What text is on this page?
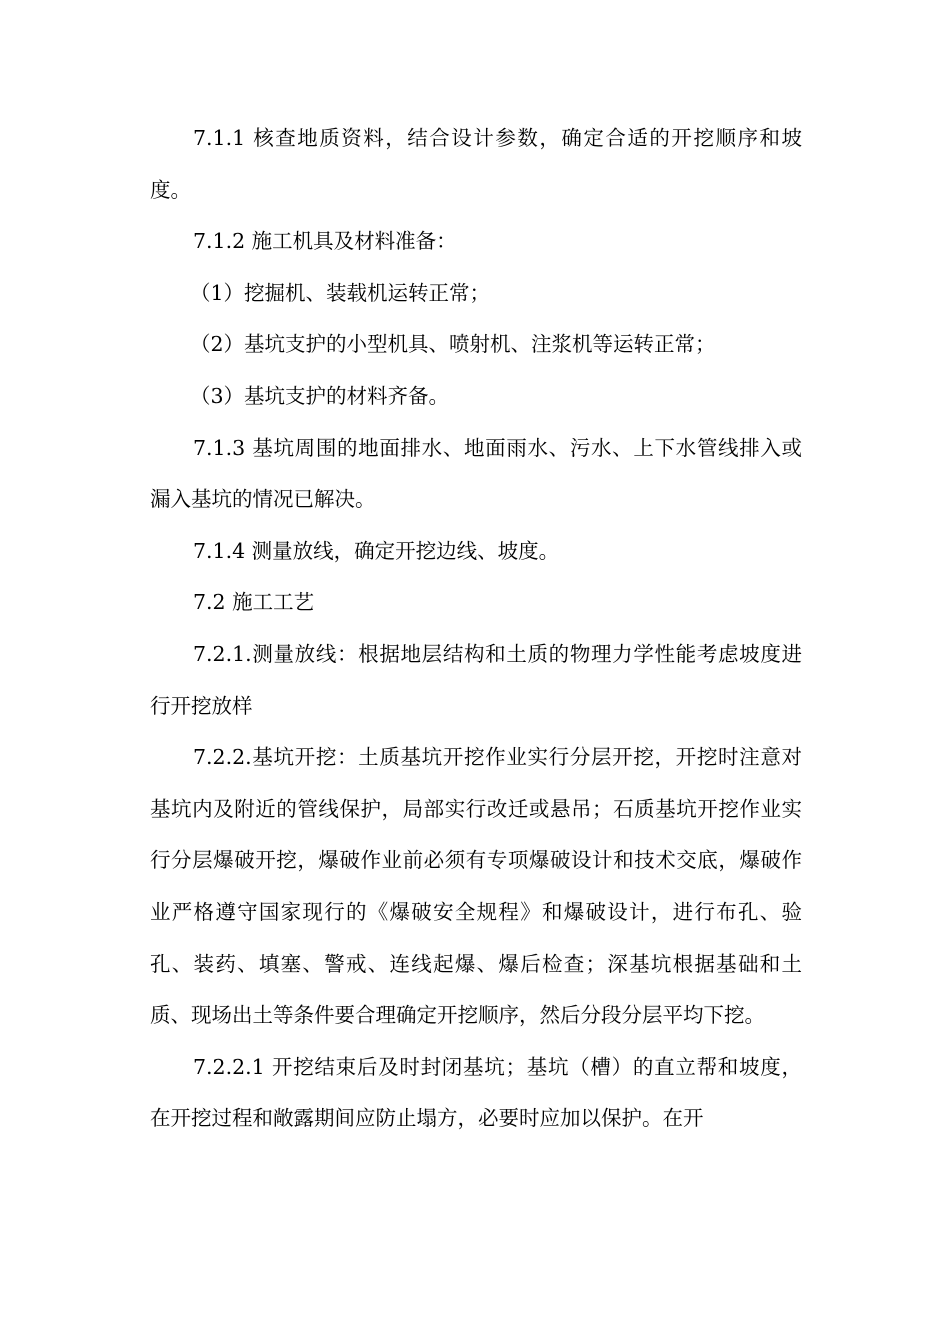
7.1.1 核查地质资料，结合设计参数，确定合适的开挖顺序和坡度。

7.1.2 施工机具及材料准备：

（1）挖掘机、装载机运转正常；

（2）基坑支护的小型机具、喷射机、注浆机等运转正常；

（3）基坑支护的材料齐备。

7.1.3 基坑周围的地面排水、地面雨水、污水、上下水管线排入或漏入基坑的情况已解决。

7.1.4 测量放线，确定开挖边线、坡度。

7.2 施工工艺

7.2.1.测量放线：根据地层结构和土质的物理力学性能考虑坡度进行开挖放样

7.2.2.基坑开挖：土质基坑开挖作业实行分层开挖，开挖时注意对基坑内及附近的管线保护，局部实行改迁或悬吊；石质基坑开挖作业实行分层爆破开挖，爆破作业前必须有专项爆破设计和技术交底，爆破作业严格遵守国家现行的《爆破安全规程》和爆破设计，进行布孔、验孔、装药、填塞、警戒、连线起爆、爆后检查；深基坑根据基础和土质、现场出土等条件要合理确定开挖顺序，然后分段分层平均下挖。

7.2.2.1 开挖结束后及时封闭基坑；基坑（槽）的直立帮和坡度，在开挖过程和敞露期间应防止塌方，必要时应加以保护。在开
